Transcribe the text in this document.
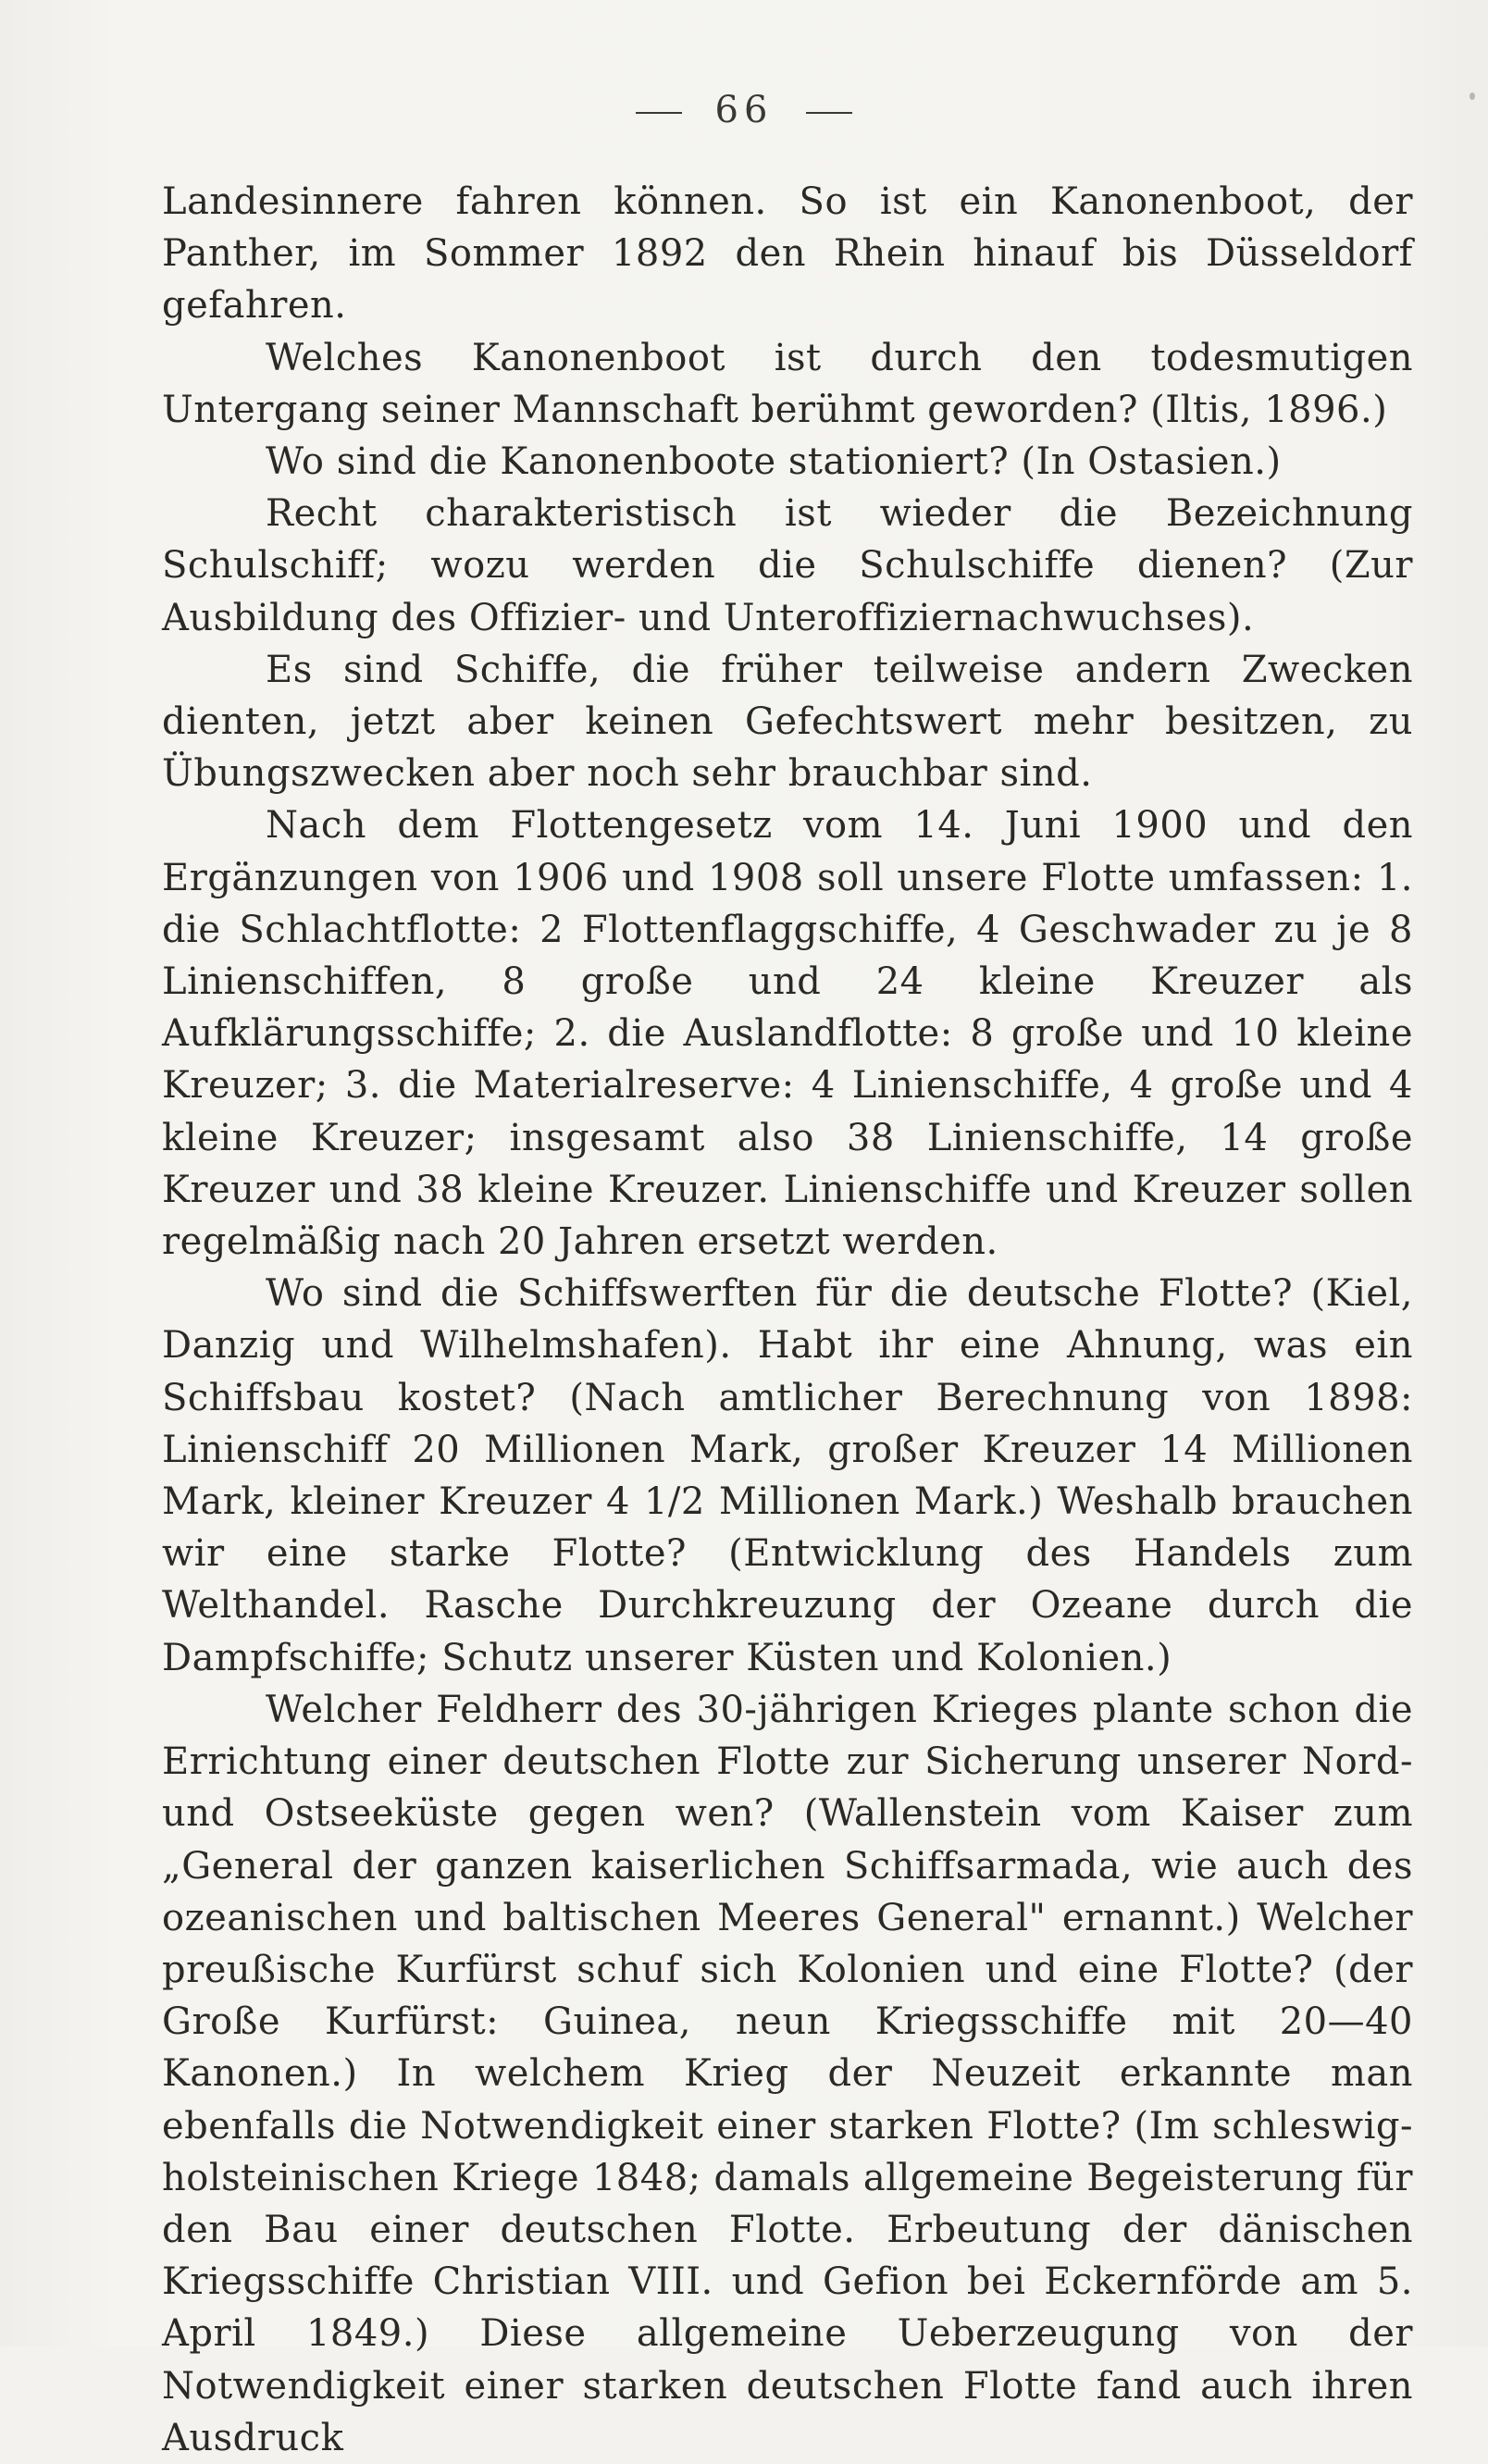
66

Landesinnere fahren können. So ist ein Kanonenboot, der Panther, im Sommer 1892 den Rhein hinauf bis Düsseldorf gefahren.

Welches Kanonenboot ist durch den todesmutigen Untergang seiner Mannschaft berühmt geworden? (Iltis, 1896.)

Wo sind die Kanonenboote stationiert? (In Ostasien.)

Recht charakteristisch ist wieder die Bezeichnung Schulschiff; wozu werden die Schulschiffe dienen? (Zur Ausbildung des Offizier- und Unteroffiziernachwuchses).

Es sind Schiffe, die früher teilweise andern Zwecken dienten, jetzt aber keinen Gefechtswert mehr besitzen, zu Übungszwecken aber noch sehr brauchbar sind.

Nach dem Flottengesetz vom 14. Juni 1900 und den Ergänzungen von 1906 und 1908 soll unsere Flotte umfassen: 1. die Schlachtflotte: 2 Flottenflaggschiffe, 4 Geschwader zu je 8 Linienschiffen, 8 große und 24 kleine Kreuzer als Aufklärungsschiffe; 2. die Auslandflotte: 8 große und 10 kleine Kreuzer; 3. die Materialreserve: 4 Linienschiffe, 4 große und 4 kleine Kreuzer; insgesamt also 38 Linienschiffe, 14 große Kreuzer und 38 kleine Kreuzer. Linienschiffe und Kreuzer sollen regelmäßig nach 20 Jahren ersetzt werden.

Wo sind die Schiffswerften für die deutsche Flotte? (Kiel, Danzig und Wilhelmshafen). Habt ihr eine Ahnung, was ein Schiffsbau kostet? (Nach amtlicher Berechnung von 1898: Linienschiff 20 Millionen Mark, großer Kreuzer 14 Millionen Mark, kleiner Kreuzer 4 1/2 Millionen Mark.) Weshalb brauchen wir eine starke Flotte? (Entwicklung des Handels zum Welthandel. Rasche Durchkreuzung der Ozeane durch die Dampfschiffe; Schutz unserer Küsten und Kolonien.)

Welcher Feldherr des 30-jährigen Krieges plante schon die Errichtung einer deutschen Flotte zur Sicherung unserer Nord- und Ostseeküste gegen wen? (Wallenstein vom Kaiser zum „General der ganzen kaiserlichen Schiffsarmada, wie auch des ozeanischen und baltischen Meeres General" ernannt.) Welcher preußische Kurfürst schuf sich Kolonien und eine Flotte? (der Große Kurfürst: Guinea, neun Kriegsschiffe mit 20—40 Kanonen.) In welchem Krieg der Neuzeit erkannte man ebenfalls die Notwendigkeit einer starken Flotte? (Im schleswig-holsteinischen Kriege 1848; damals allgemeine Begeisterung für den Bau einer deutschen Flotte. Erbeutung der dänischen Kriegsschiffe Christian VIII. und Gefion bei Eckernförde am 5. April 1849.) Diese allgemeine Ueberzeugung von der Notwendigkeit einer starken deutschen Flotte fand auch ihren Ausdruck
